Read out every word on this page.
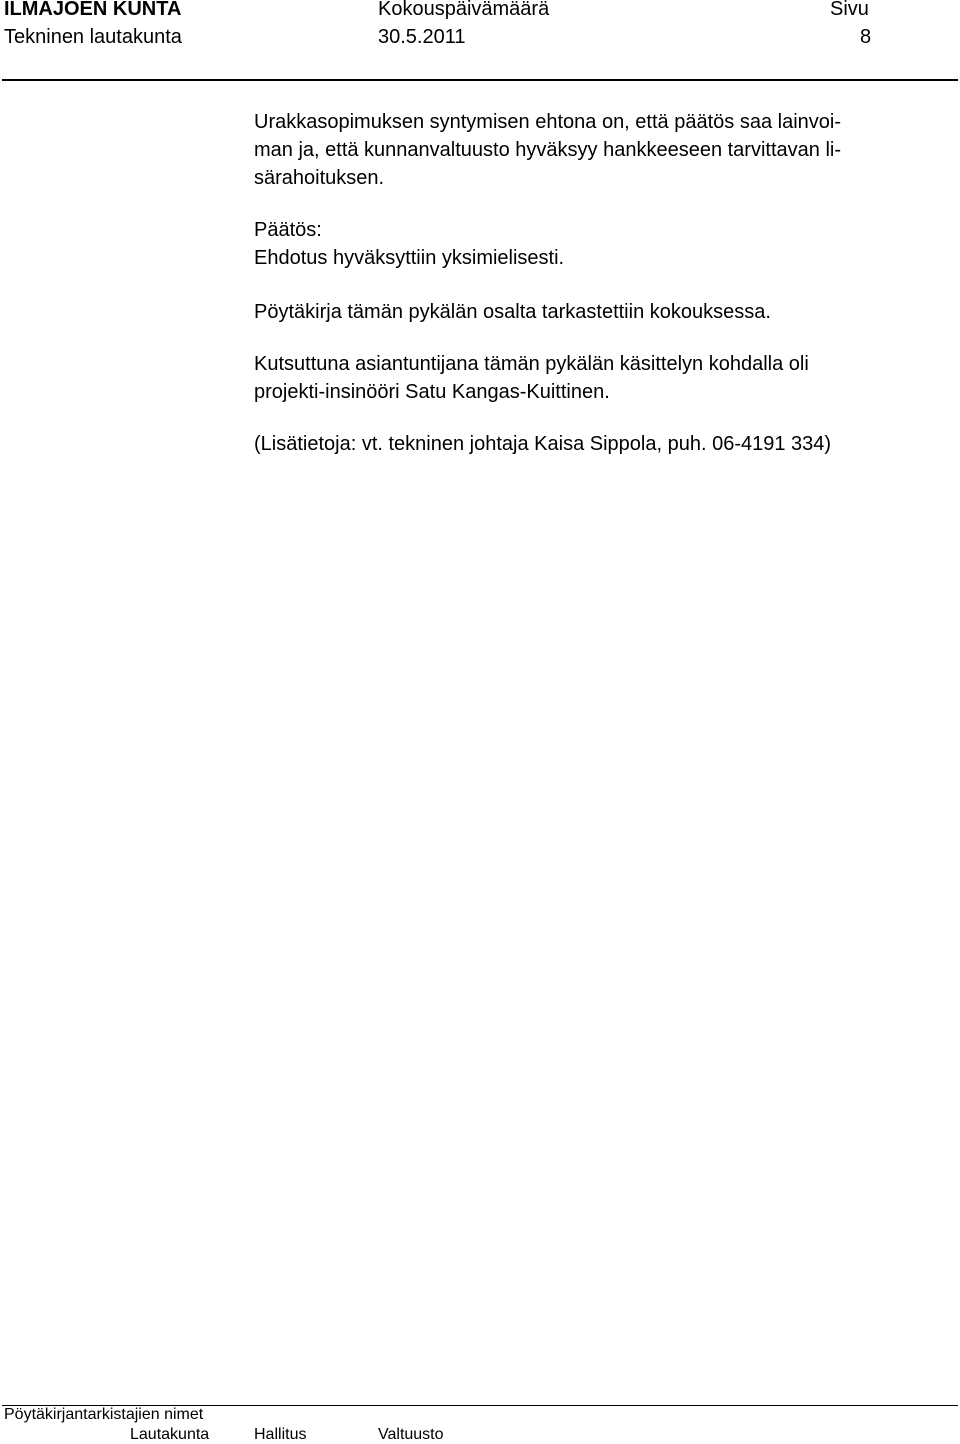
ILMAJOEN KUNTA
Tekninen lautakunta
Kokouspäivämäärä
30.5.2011
Sivu
8

Urakkasopimuksen syntymisen ehtona on, että päätös saa lainvoi-
man ja, että kunnanvaltuusto hyväksyy hankkeeseen tarvittavan li-
särahoituksen.

Päätös:
Ehdotus hyväksyttiin yksimielisesti.

Pöytäkirja tämän pykälän osalta tarkastettiin kokouksessa.

Kutsuttuna asiantuntijana tämän pykälän käsittelyn kohdalla oli
projekti-insinööri Satu Kangas-Kuittinen.

(Lisätietoja: vt. tekninen johtaja Kaisa Sippola, puh. 06-4191 334)

Pöytäkirjantarkistajien nimet
Lautakunta	Hallitus	Valtuusto
